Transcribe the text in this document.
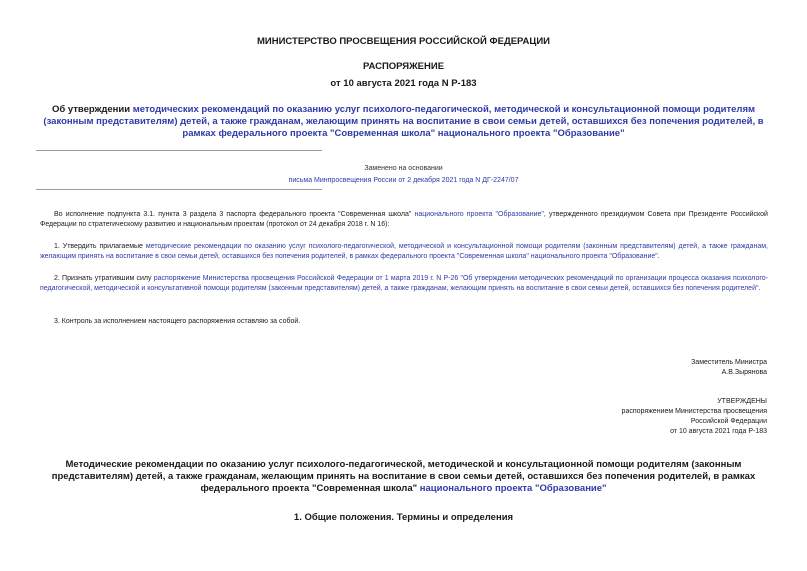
МИНИСТЕРСТВО ПРОСВЕЩЕНИЯ РОССИЙСКОЙ ФЕДЕРАЦИИ
РАСПОРЯЖЕНИЕ
от 10 августа 2021 года N Р-183
Об утверждении методических рекомендаций по оказанию услуг психолого-педагогической, методической и консультационной помощи родителям (законным представителям) детей, а также гражданам, желающим принять на воспитание в свои семьи детей, оставшихся без попечения родителей, в рамках федерального проекта "Современная школа" национального проекта "Образование"
Заменено на основании
письма Минпросвещения России от 2 декабря 2021 года N ДГ-2247/07
Во исполнение подпункта 3.1. пункта 3 раздела 3 паспорта федерального проекта "Современная школа" национального проекта "Образование", утвержденного президиумом Совета при Президенте Российской Федерации по стратегическому развитию и национальным проектам (протокол от 24 декабря 2018 г. N 16):
1. Утвердить прилагаемые методические рекомендации по оказанию услуг психолого-педагогической, методической и консультационной помощи родителям (законным представителям) детей, а также гражданам, желающим принять на воспитание в свои семьи детей, оставшихся без попечения родителей, в рамках федерального проекта "Современная школа" национального проекта "Образование".
2. Признать утратившим силу распоряжение Министерства просвещения Российской Федерации от 1 марта 2019 г. N Р-26 "Об утверждении методических рекомендаций по организации процесса оказания психолого-педагогической, методической и консультативной помощи родителям (законным представителям) детей, а также гражданам, желающим принять на воспитание в свои семьи детей, оставшихся без попечения родителей".
3. Контроль за исполнением настоящего распоряжения оставляю за собой.
Заместитель Министра
А.В.Зырянова
УТВЕРЖДЕНЫ
распоряжением Министерства просвещения
Российской Федерации
от 10 августа 2021 года Р-183
Методические рекомендации по оказанию услуг психолого-педагогической, методической и консультационной помощи родителям (законным представителям) детей, а также гражданам, желающим принять на воспитание в свои семьи детей, оставшихся без попечения родителей, в рамках федерального проекта "Современная школа" национального проекта "Образование"
1. Общие положения. Термины и определения
